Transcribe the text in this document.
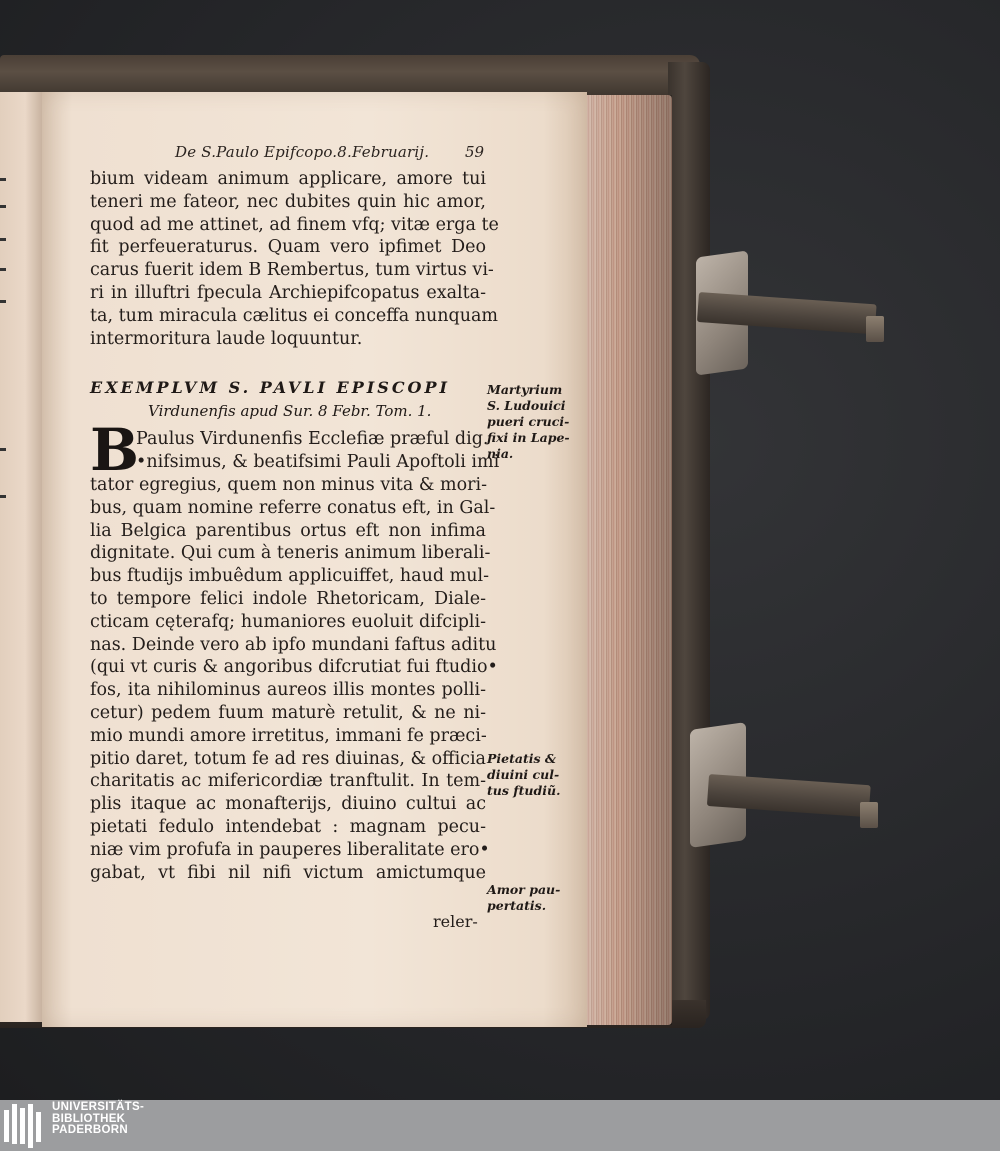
De S.Paulo Epifcopo.8.Februarij. 59
bium videam animum applicare, amore tui
teneri me fateor, nec dubites quin hic amor,
quod ad me attinet, ad finem vfq; vitæ erga te
fit perfeueraturus. Quam vero ipfimet Deo
carus fuerit idem B Rembertus, tum virtus vi-
ri in illuftri fpecula Archiepifcopatus exalta-
ta, tum miracula cælitus ei conceffa nunquam
intermoritura laude loquuntur.
EXEMPLVM S. PAVLI EPISCOPI
Virdunenfis apud Sur. 8 Febr. Tom. 1.
B
Paulus Virdunenfis Ecclefiæ præful dig.
•nifsimus, & beatifsimi Pauli Apoftoli imi
tator egregius, quem non minus vita & mori-
bus, quam nomine referre conatus eft, in Gal-
lia Belgica parentibus ortus eft non infima
dignitate. Qui cum à teneris animum liberali-
bus ftudijs imbuêdum applicuiffet, haud mul-
to tempore felici indole Rhetoricam, Diale-
cticam cęterafq; humaniores euoluit difcipli-
nas. Deinde vero ab ipfo mundani faftus aditu
(qui vt curis & angoribus difcrutiat fui ftudio•
fos, ita nihilominus aureos illis montes polli-
cetur) pedem fuum maturè retulit, & ne ni-
mio mundi amore irretitus, immani fe præci-
pitio daret, totum fe ad res diuinas, & officia
charitatis ac mifericordiæ tranftulit. In tem-
plis itaque ac monafterijs, diuino cultui ac
pietati fedulo intendebat : magnam pecu-
niæ vim profufa in pauperes liberalitate ero•
gabat, vt fibi nil nifi victum amictumque
reler-
Martyrium
S. Ludouici
pueri cruci-
fixi in Lape-
nia.
Pietatis &
diuini cul-
tus ftudiũ.
Amor pau-
pertatis.
UNIVERSITÄTS-
BIBLIOTHEK
PADERBORN
